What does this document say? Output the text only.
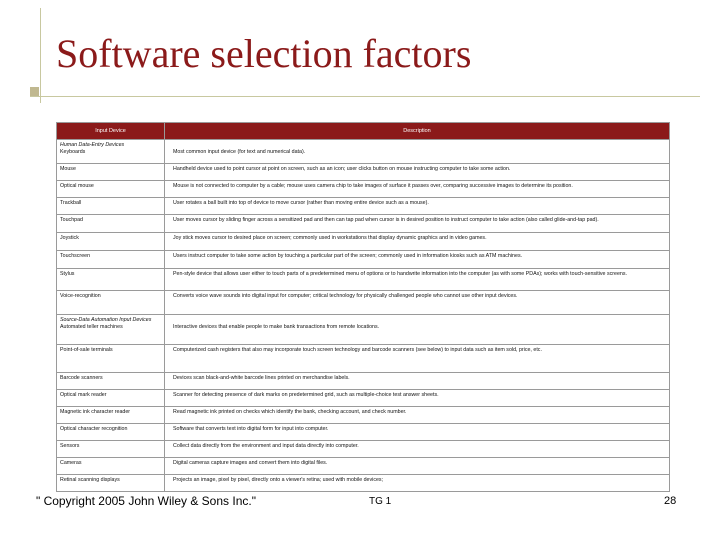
Software selection factors
Input Device	Description

Human Data-Entry Devices
Keyboards	Most common input device (for text and numerical data).
Mouse	Handheld device used to point cursor at point on screen, such as an icon; user clicks button on mouse instructing computer to take some action.
Optical mouse	Mouse is not connected to computer by a cable; mouse uses camera chip to take images of surface it passes over, comparing successive images to determine its position.
Trackball	User rotates a ball built into top of device to move cursor (rather than moving entire device such as a mouse).
Touchpad	User moves cursor by sliding finger across a sensitized pad and then can tap pad when cursor is in desired position to instruct computer to take action (also called glide-and-tap pad).
Joystick	Joy stick moves cursor to desired place on screen; commonly used in workstations that display dynamic graphics and in video games.
Touchscreen	Users instruct computer to take some action by touching a particular part of the screen; commonly used in information kiosks such as ATM machines.
Stylus	Pen-style device that allows user either to touch parts of a predetermined menu of options or to handwrite information into the computer (as with some PDAs); works with touch-sensitive screens.
Voice-recognition	Converts voice wave sounds into digital input for computer; critical technology for physically challenged people who cannot use other input devices.

Source-Data Automation Input Devices
Automated teller machines	Interactive devices that enable people to make bank transactions from remote locations.
Point-of-sale terminals	Computerized cash registers that also may incorporate touch screen technology and barcode scanners (see below) to input data such as item sold, price, etc.
Barcode scanners	Devices scan black-and-white barcode lines printed on merchandise labels.
Optical mark reader	Scanner for detecting presence of dark marks on predetermined grid, such as multiple-choice test answer sheets.
Magnetic ink character reader	Read magnetic ink printed on checks which identify the bank, checking account, and check number.
Optical character recognition	Software that converts text into digital form for input into computer.
Sensors	Collect data directly from the environment and input data directly into computer.
Cameras	Digital cameras capture images and convert them into digital files.
Retinal scanning displays	Projects an image, pixel by pixel, directly onto a viewer's retina; used with mobile devices;
" Copyright 2005 John Wiley & Sons Inc."	TG 1	28
